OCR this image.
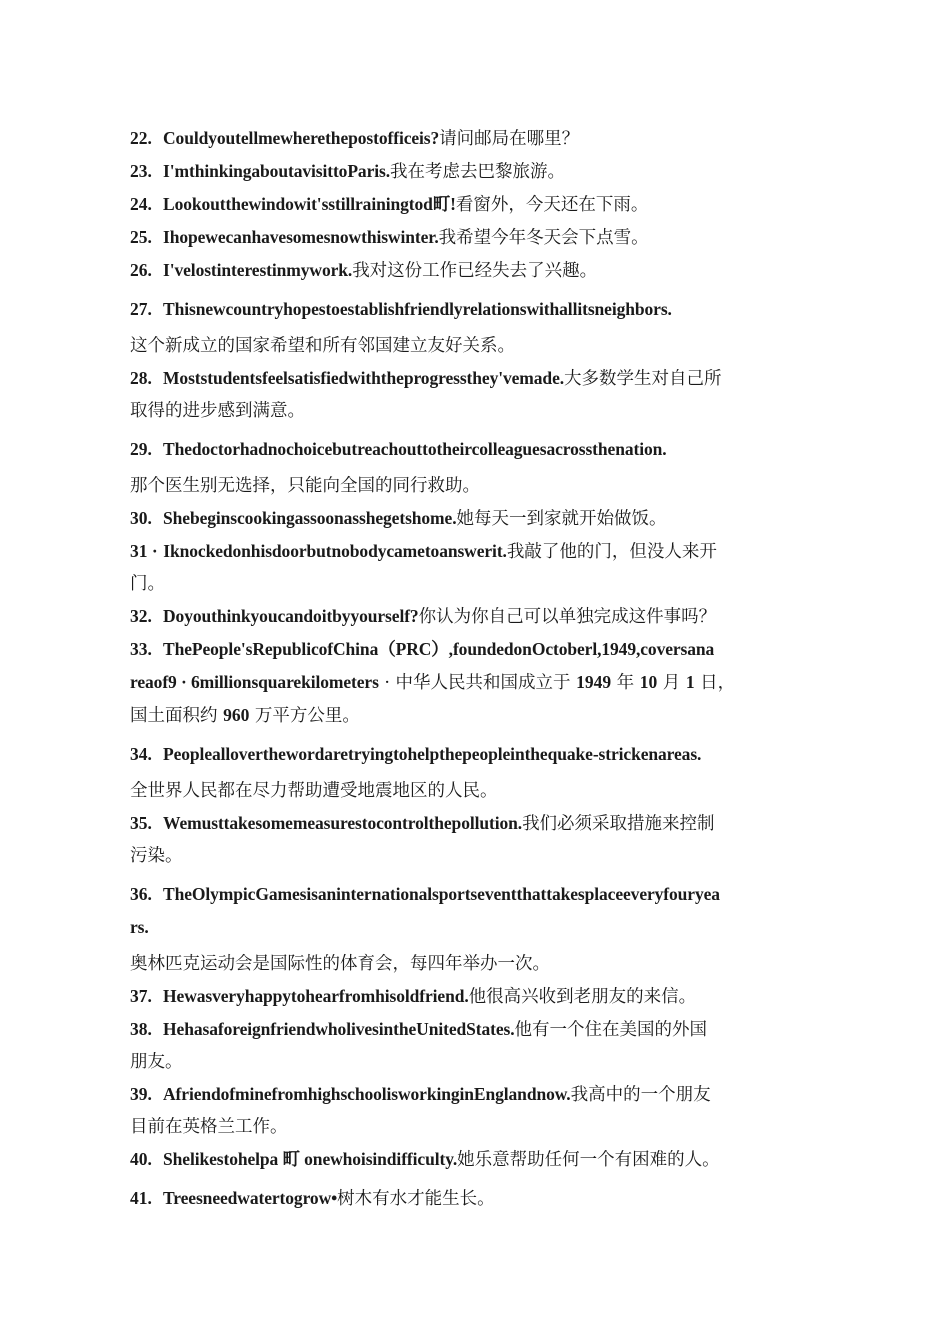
22. Couldyoutellmewherethepostofficeis?请问邮局在哪里？

23. I'mthinkingaboutavisittoParis.我在考虑去巴黎旅游。

24. Lookoutthewindowit'sstillrainingtod町!看窗外，今天还在下雨。

25. Ihopewecanhavesomesnowthiswinter.我希望今年冬天会下点雪。

26. I'velostinterestinmywork.我对这份工作已经失去了兴趣。

27. Thisnewcountryhopestoestablishfriendlyrelationswithallitsneighbors.

这个新成立的国家希望和所有邻国建立友好关系。

28. Moststudentsfeelsatisfiedwiththeprogressthey'vemade.大多数学生对自己所
取得的进步感到满意。

29. Thedoctorhadnochoicebutreachouttotheircolleaguesacrossthenation.

那个医生别无选择，只能向全国的同行救助。

30. Shebeginscookingassoonasshegetshome.她每天一到家就开始做饭。

31 · Iknockedonhisdoorbutnobodycametoanswerit.我敲了他的门，但没人来开
门。

32. Doyouthinkyoucandoitbyyourself?你认为你自己可以单独完成这件事吗？

33. ThePeople'sRepublicofChina（PRC）,foundedonOctoberl,1949,coversana
reaof9 · 6millionsquarekilometers · 中华人民共和国成立于 1949 年 10 月 1 日，
国土面积约 960 万平方公里。

34. Peoplealloverthewordaretryingtohelpthepeopleinthequake-strickenareas.

全世界人民都在尽力帮助遭受地震地区的人民。

35. Wemusttakesomemeasurestocontrolthepollution.我们必须采取措施来控制
污染。

36. TheOlympicGamesisaninternationalsportseventthattakesplaceeveryfouryea
rs.

奥林匹克运动会是国际性的体育会，每四年举办一次。

37. Hewasveryhappytohearfromhisoldfriend.他很高兴收到老朋友的来信。

38. HehasaforeignfriendwholivesintheUnitedStates.他有一个住在美国的外国
朋友。

39. AfriendofminefromhighschoolisworkinginEnglandnow.我高中的一个朋友
目前在英格兰工作。

40. Shelikestohelpa 町 onewhoisindifficulty.她乐意帮助任何一个有困难的人。

41. Treesneedwatertogrow•树木有水才能生长。
